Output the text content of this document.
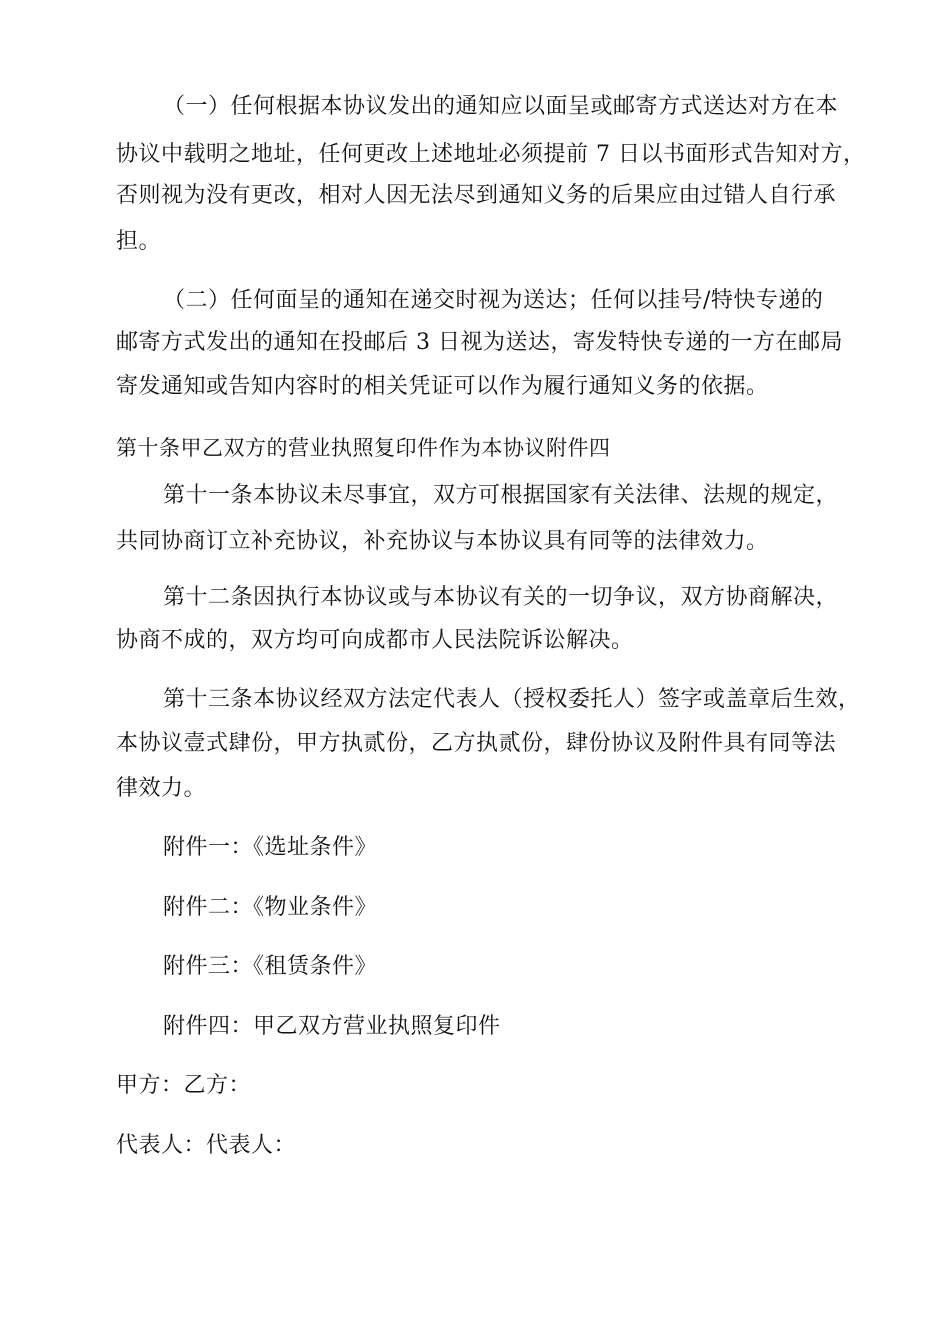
（一）任何根据本协议发出的通知应以面呈或邮寄方式送达对方在本
协议中载明之地址，任何更改上述地址必须提前 7 日以书面形式告知对方，
否则视为没有更改，相对人因无法尽到通知义务的后果应由过错人自行承
担。
（二）任何面呈的通知在递交时视为送达；任何以挂号/特快专递的
邮寄方式发出的通知在投邮后 3 日视为送达，寄发特快专递的一方在邮局
寄发通知或告知内容时的相关凭证可以作为履行通知义务的依据。
第十条甲乙双方的营业执照复印件作为本协议附件四
第十一条本协议未尽事宜，双方可根据国家有关法律、法规的规定，
共同协商订立补充协议，补充协议与本协议具有同等的法律效力。
第十二条因执行本协议或与本协议有关的一切争议，双方协商解决，
协商不成的，双方均可向成都市人民法院诉讼解决。
第十三条本协议经双方法定代表人（授权委托人）签字或盖章后生效，
本协议壹式肆份，甲方执贰份，乙方执贰份，肆份协议及附件具有同等法
律效力。
附件一：《选址条件》
附件二：《物业条件》
附件三：《租赁条件》
附件四：甲乙双方营业执照复印件
甲方：乙方：
代表人：代表人：
